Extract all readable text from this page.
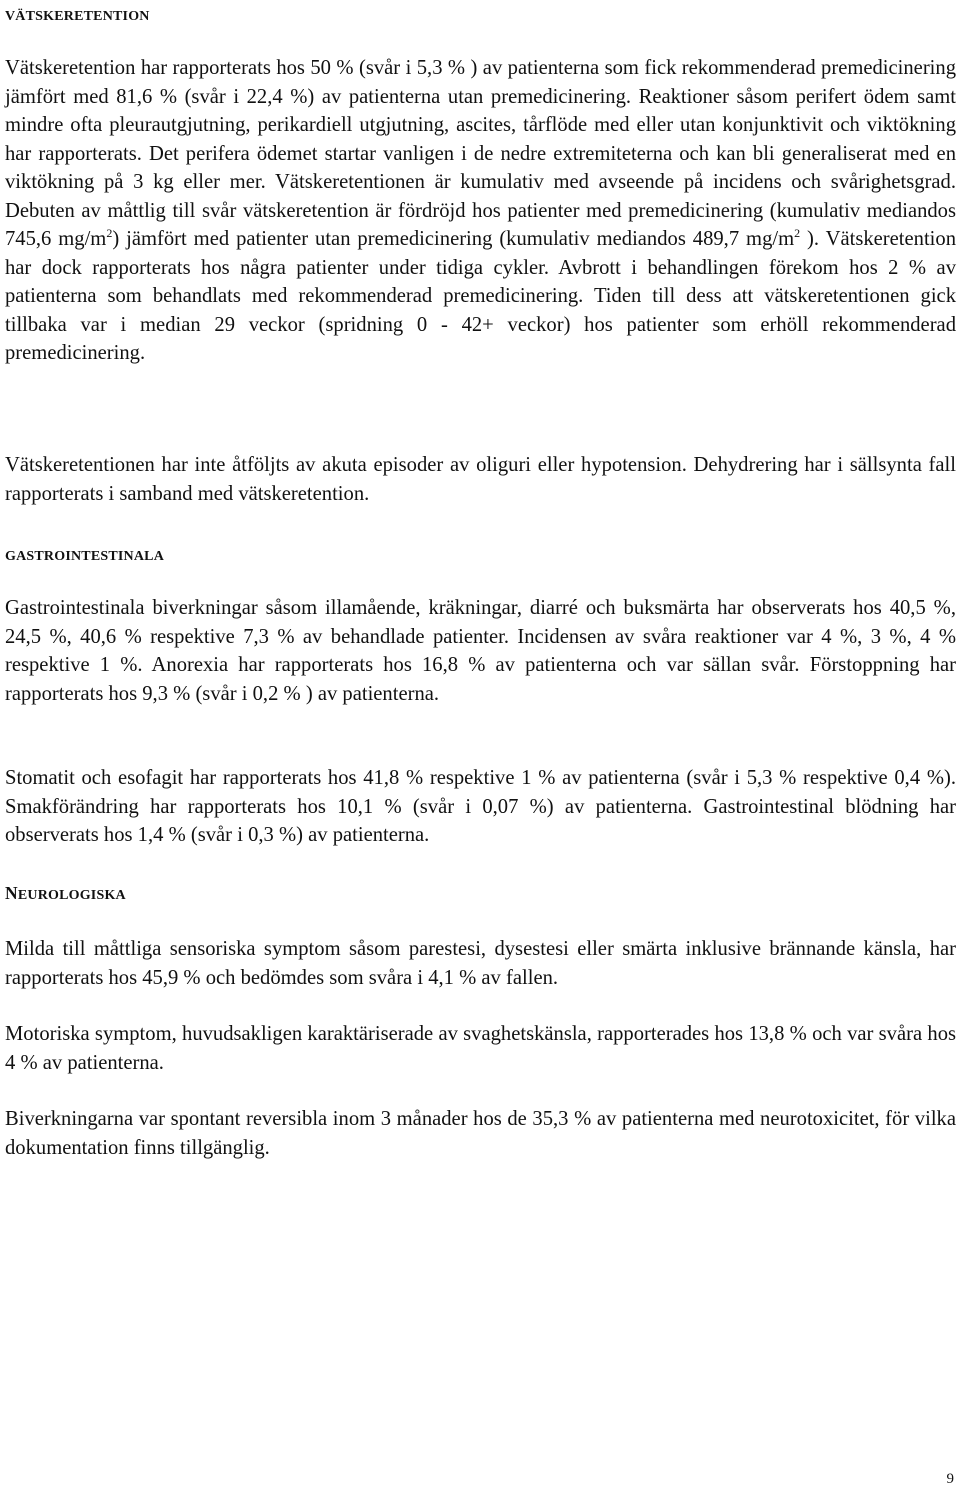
VÄTSKERETENTION
Vätskeretention har rapporterats hos 50 % (svår i 5,3 % ) av patienterna som fick rekommenderad premedicinering jämfört med 81,6 % (svår i 22,4 %) av patienterna utan premedicinering. Reaktioner såsom perifert ödem samt mindre ofta pleurautgjutning, perikardiell utgjutning, ascites, tårflöde med eller utan konjunktivit och viktökning har rapporterats. Det perifera ödemet startar vanligen i de nedre extremiteterna och kan bli generaliserat med en viktökning på 3 kg eller mer. Vätskeretentionen är kumulativ med avseende på incidens och svårighetsgrad. Debuten av måttlig till svår vätskeretention är fördröjd hos patienter med premedicinering (kumulativ mediandos 745,6 $mg/m^2$) jämfört med patienter utan premedicinering (kumulativ mediandos 489,7 $mg/m^2$ ). Vätskeretention har dock rapporterats hos några patienter under tidiga cykler. Avbrott i behandlingen förekom hos 2 % av patienterna som behandlats med rekommenderad premedicinering. Tiden till dess att vätskeretentionen gick tillbaka var i median 29 veckor (spridning 0 - 42+ veckor) hos patienter som erhöll rekommenderad premedicinering.
Vätskeretentionen har inte åtföljts av akuta episoder av oliguri eller hypotension. Dehydrering har i sällsynta fall rapporterats i samband med vätskeretention.
GASTROINTESTINALA
Gastrointestinala biverkningar såsom illamående, kräkningar, diarré och buksmärta har observerats hos 40,5 %, 24,5 %, 40,6 % respektive 7,3 % av behandlade patienter. Incidensen av svåra reaktioner var 4 %, 3 %, 4 % respektive 1 %. Anorexia har rapporterats hos 16,8 % av patienterna och var sällan svår. Förstoppning har rapporterats hos 9,3 % (svår i 0,2 % ) av patienterna.
Stomatit och esofagit har rapporterats hos 41,8 % respektive 1 % av patienterna (svår i 5,3 % respektive 0,4 %). Smakförändring har rapporterats hos 10,1 % (svår i 0,07 %) av patienterna. Gastrointestinal blödning har observerats hos 1,4 % (svår i 0,3 %) av patienterna.
NEUROLOGISKA
Milda till måttliga sensoriska symptom såsom parestesi, dysestesi eller smärta inklusive brännande känsla, har rapporterats hos 45,9 % och bedömdes som svåra i 4,1 % av fallen.
Motoriska symptom, huvudsakligen karaktäriserade av svaghetskänsla, rapporterades hos 13,8 % och var svåra hos 4 % av patienterna.
Biverkningarna var spontant reversibla inom 3 månader hos de 35,3 % av patienterna med neurotoxicitet, för vilka dokumentation finns tillgänglig.
9
